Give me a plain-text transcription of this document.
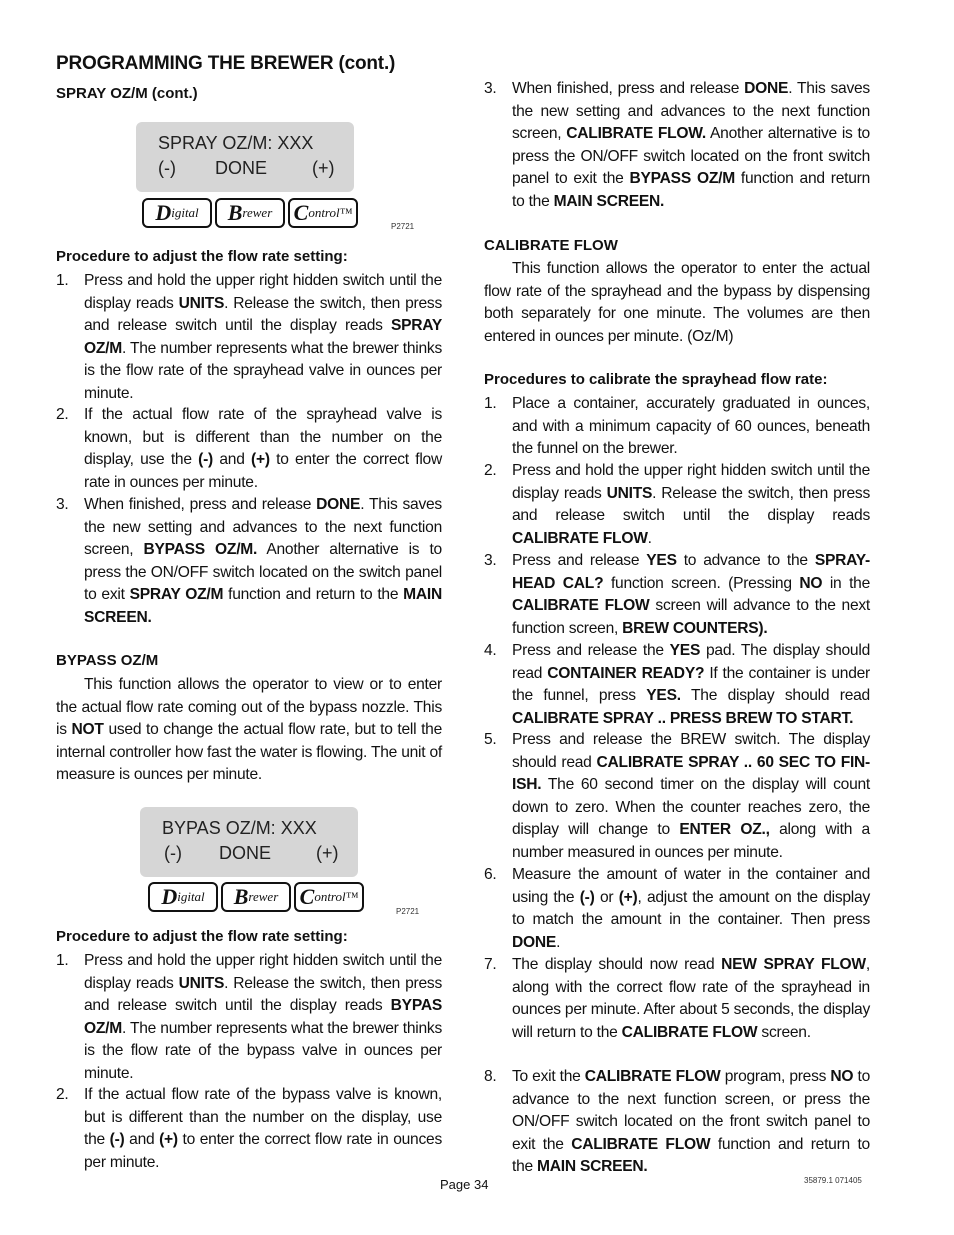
PROGRAMMING THE BREWER (cont.)
SPRAY OZ/M (cont.)
SPRAY OZ/M: XXX
(-) DONE (+)
D igital B rewer C ontrol™
P2721
Procedure to adjust the flow rate setting:
1. Press and hold the upper right hidden switch until the display reads UNITS. Release the switch, then press and release switch until the display reads SPRAY OZ/M. The number represents what the brewer thinks is the flow rate of the sprayhead valve in ounces per minute.
2. If the actual flow rate of the sprayhead valve is known, but is different than the number on the display, use the (-) and (+) to enter the correct flow rate in ounces per minute.
3. When finished, press and release DONE. This saves the new setting and advances to the next function screen, BYPASS OZ/M. Another alternative is to press the ON/OFF switch located on the switch panel to exit SPRAY OZ/M function and return to the MAIN SCREEN.
BYPASS OZ/M
This function allows the operator to view or to enter the actual flow rate coming out of the bypass nozzle. This is NOT used to change the actual flow rate, but to tell the internal controller how fast the water is flowing. The unit of measure is ounces per minute.
BYPAS OZ/M: XXX
(-) DONE (+)
D igital B rewer C ontrol™
P2721
Procedure to adjust the flow rate setting:
1. Press and hold the upper right hidden switch until the display reads UNITS. Release the switch, then press and release switch until the display reads BYPAS OZ/M. The number represents what the brewer thinks is the flow rate of the bypass valve in ounces per minute.
2. If the actual flow rate of the bypass valve is known, but is different than the number on the display, use the (-) and (+) to enter the correct flow rate in ounces per minute.
3. When finished, press and release DONE. This saves the new setting and advances to the next function screen, CALIBRATE FLOW. Another alternative is to press the ON/OFF switch located on the front switch panel to exit the BYPASS OZ/M function and return to the MAIN SCREEN.
CALIBRATE FLOW
This function allows the operator to enter the actual flow rate of the sprayhead and the bypass by dispensing both separately for one minute. The volumes are then entered in ounces per minute. (Oz/M)
Procedures to calibrate the sprayhead flow rate:
1. Place a container, accurately graduated in ounces, and with a minimum capacity of 60 ounces, beneath the funnel on the brewer.
2. Press and hold the upper right hidden switch until the display reads UNITS. Release the switch, then press and release switch until the display reads CALIBRATE FLOW.
3. Press and release YES to advance to the SPRAY-HEAD CAL? function screen. (Pressing NO in the CALIBRATE FLOW screen will advance to the next function screen, BREW COUNTERS).
4. Press and release the YES pad. The display should read CONTAINER READY? If the container is under the funnel, press YES. The display should read CALIBRATE SPRAY .. PRESS BREW TO START.
5. Press and release the BREW switch. The display should read CALIBRATE SPRAY .. 60 SEC TO FIN-ISH. The 60 second timer on the display will count down to zero. When the counter reaches zero, the display will change to ENTER OZ., along with a number measured in ounces per minute.
6. Measure the amount of water in the container and using the (-) or (+), adjust the amount on the display to match the amount in the container. Then press DONE.
7. The display should now read NEW SPRAY FLOW, along with the correct flow rate of the sprayhead in ounces per minute. After about 5 seconds, the display will return to the CALIBRATE FLOW screen.
8. To exit the CALIBRATE FLOW program, press NO to advance to the next function screen, or press the ON/OFF switch located on the front switch panel to exit the CALIBRATE FLOW function and return to the MAIN SCREEN.
Page 34	35879.1 071405
